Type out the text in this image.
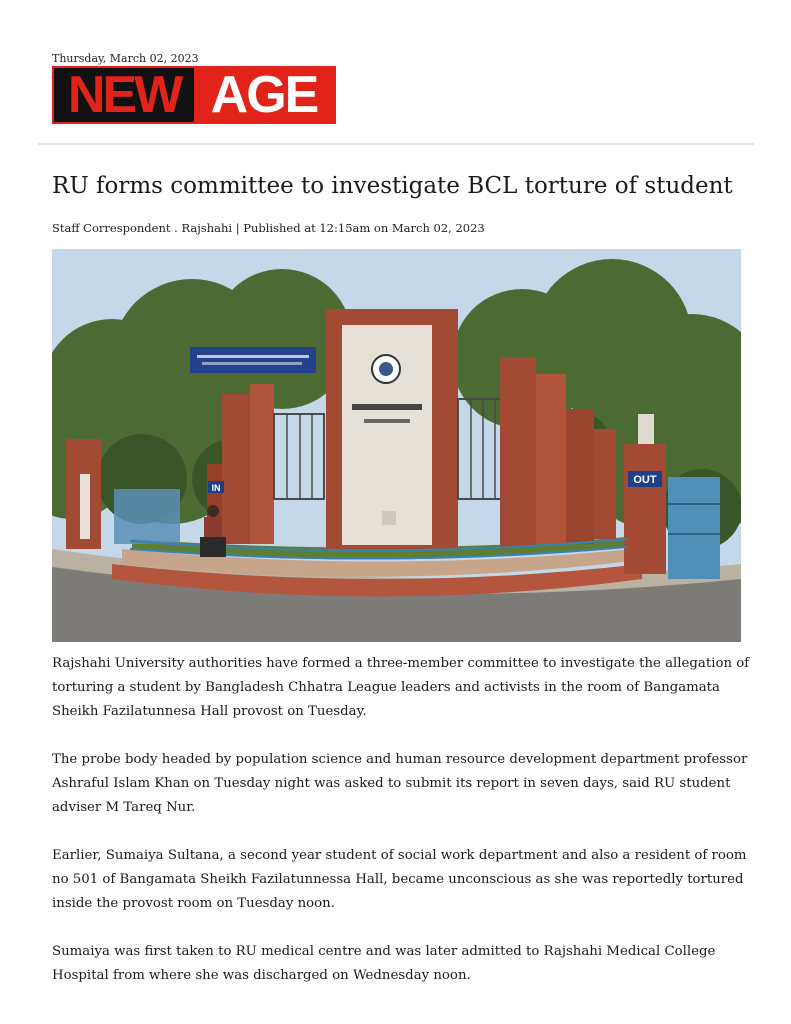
Thursday, March 02, 2023
NEW AGE
RU forms committee to investigate BCL torture of student
Staff Correspondent . Rajshahi | Published at 12:15am on March 02, 2023
OUT
IN

Rajshahi University authorities have formed a three-member committee to investigate the allegation of torturing a student by Bangladesh Chhatra League leaders and activists in the room of Bangamata Sheikh Fazilatunnesa Hall provost on Tuesday.

The probe body headed by population science and human resource development department professor Ashraful Islam Khan on Tuesday night was asked to submit its report in seven days, said RU student adviser M Tareq Nur.

Earlier, Sumaiya Sultana, a second year student of social work department and also a resident of room no 501 of Bangamata Sheikh Fazilatunnessa Hall, became unconscious as she was reportedly tortured inside the provost room on Tuesday noon.

Sumaiya was first taken to RU medical centre and was later admitted to Rajshahi Medical College Hospital from where she was discharged on Wednesday noon.
